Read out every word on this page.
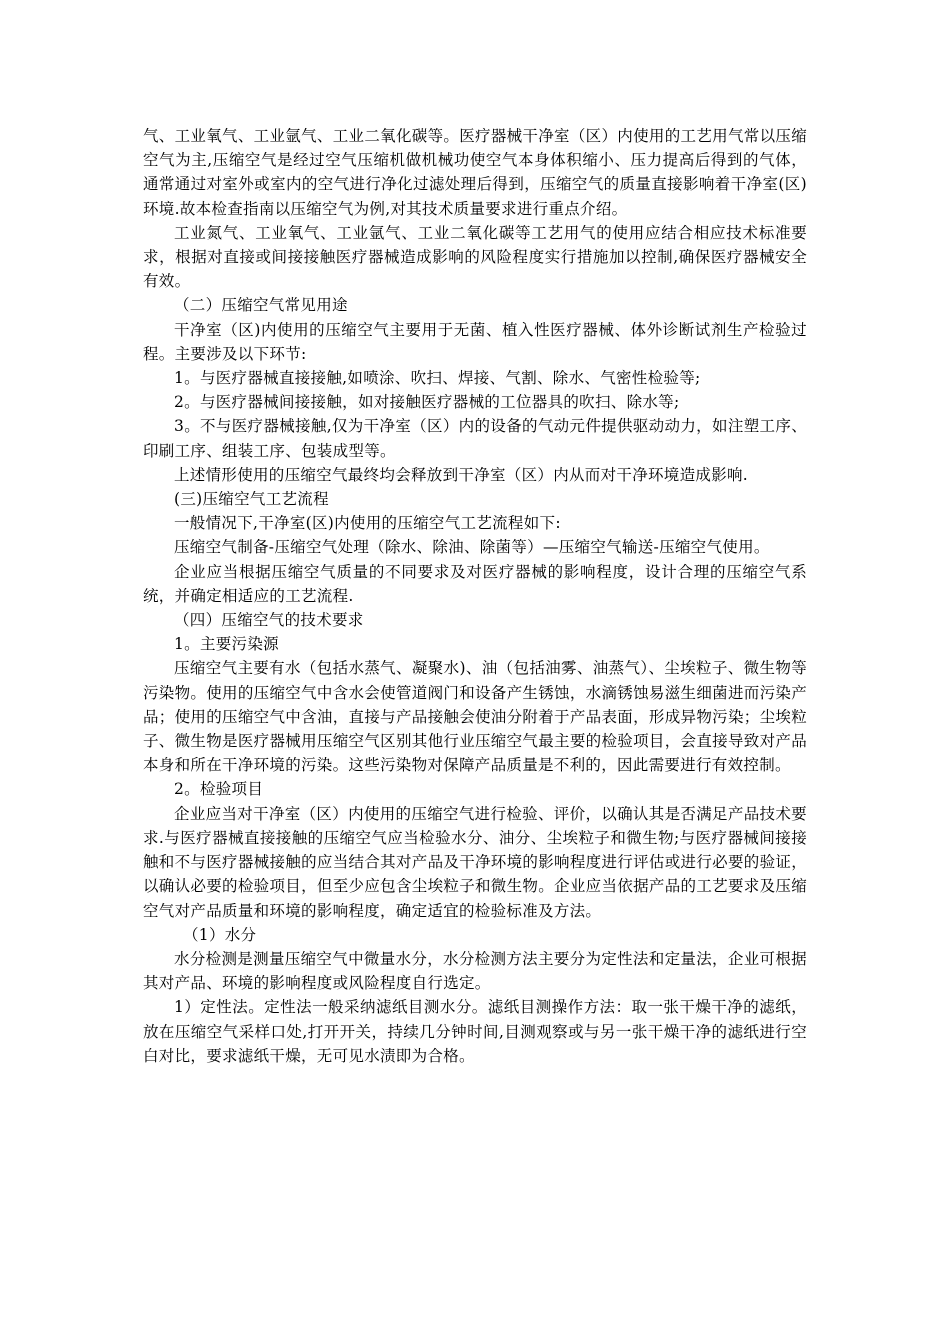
气、工业氧气、工业氩气、工业二氧化碳等。医疗器械干净室（区）内使用的工艺用气常以压缩空气为主,压缩空气是经过空气压缩机做机械功使空气本身体积缩小、压力提高后得到的气体，通常通过对室外或室内的空气进行净化过滤处理后得到，压缩空气的质量直接影响着干净室(区)环境.故本检查指南以压缩空气为例,对其技术质量要求进行重点介绍。

工业氮气、工业氧气、工业氩气、工业二氧化碳等工艺用气的使用应结合相应技术标准要求，根据对直接或间接接触医疗器械造成影响的风险程度实行措施加以控制,确保医疗器械安全有效。

（二）压缩空气常见用途

干净室（区)内使用的压缩空气主要用于无菌、植入性医疗器械、体外诊断试剂生产检验过程。主要涉及以下环节:

1。与医疗器械直接接触,如喷涂、吹扫、焊接、气割、除水、气密性检验等;

2。与医疗器械间接接触，如对接触医疗器械的工位器具的吹扫、除水等;

3。不与医疗器械接触,仅为干净室（区）内的设备的气动元件提供驱动动力，如注塑工序、印刷工序、组装工序、包装成型等。

上述情形使用的压缩空气最终均会释放到干净室（区）内从而对干净环境造成影响.

(三)压缩空气工艺流程

一般情况下,干净室(区)内使用的压缩空气工艺流程如下:

压缩空气制备-压缩空气处理（除水、除油、除菌等）—压缩空气输送-压缩空气使用。

企业应当根据压缩空气质量的不同要求及对医疗器械的影响程度，设计合理的压缩空气系统，并确定相适应的工艺流程.

（四）压缩空气的技术要求

1。主要污染源

压缩空气主要有水（包括水蒸气、凝聚水)、油（包括油雾、油蒸气）、尘埃粒子、微生物等污染物。使用的压缩空气中含水会使管道阀门和设备产生锈蚀，水滴锈蚀易滋生细菌进而污染产品；使用的压缩空气中含油，直接与产品接触会使油分附着于产品表面，形成异物污染；尘埃粒子、微生物是医疗器械用压缩空气区别其他行业压缩空气最主要的检验项目，会直接导致对产品本身和所在干净环境的污染。这些污染物对保障产品质量是不利的，因此需要进行有效控制。

2。检验项目

企业应当对干净室（区）内使用的压缩空气进行检验、评价，以确认其是否满足产品技术要求.与医疗器械直接接触的压缩空气应当检验水分、油分、尘埃粒子和微生物;与医疗器械间接接触和不与医疗器械接触的应当结合其对产品及干净环境的影响程度进行评估或进行必要的验证，以确认必要的检验项目，但至少应包含尘埃粒子和微生物。企业应当依据产品的工艺要求及压缩空气对产品质量和环境的影响程度，确定适宜的检验标准及方法。

（1）水分

水分检测是测量压缩空气中微量水分，水分检测方法主要分为定性法和定量法，企业可根据其对产品、环境的影响程度或风险程度自行选定。

1）定性法。定性法一般采纳滤纸目测水分。滤纸目测操作方法：取一张干燥干净的滤纸，放在压缩空气采样口处,打开开关，持续几分钟时间,目测观察或与另一张干燥干净的滤纸进行空白对比，要求滤纸干燥，无可见水渍即为合格。
